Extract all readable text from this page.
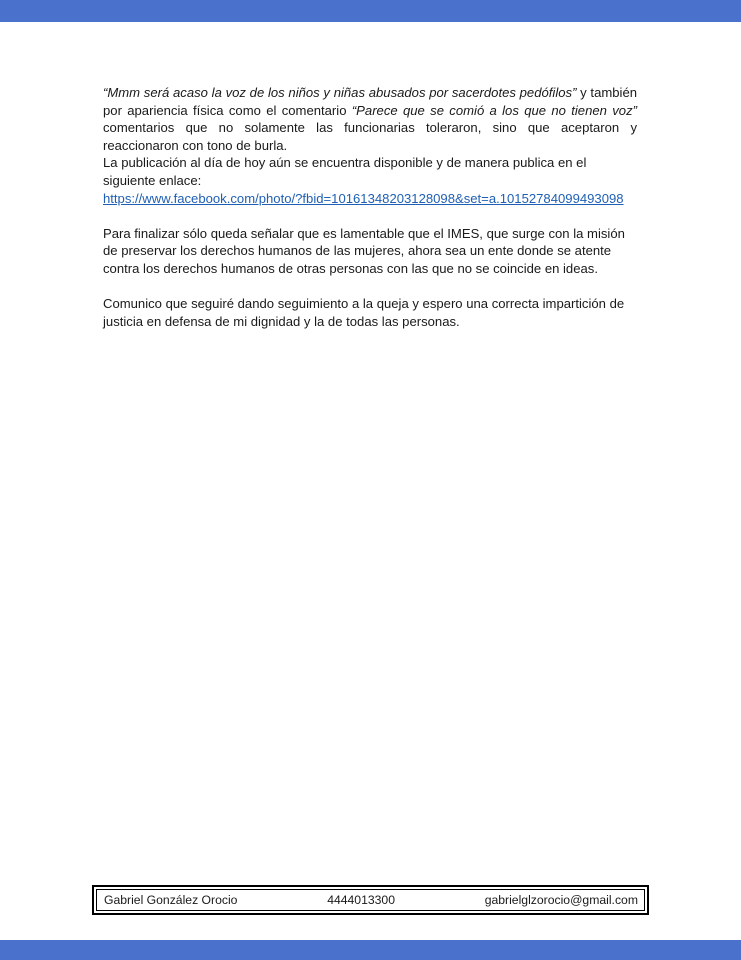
“Mmm será acaso la voz de los niños y niñas abusados por sacerdotes pedófilos” y también por apariencia física como el comentario “Parece que se comió a los que no tienen voz” comentarios que no solamente las funcionarias toleraron, sino que aceptaron y reaccionaron con tono de burla.

La publicación al día de hoy aún se encuentra disponible y de manera publica en el siguiente enlace:

https://www.facebook.com/photo/?fbid=10161348203128098&set=a.10152784099493098

Para finalizar sólo queda señalar que es lamentable que el IMES, que surge con la misión de preservar los derechos humanos de las mujeres, ahora sea un ente donde se atente contra los derechos humanos de otras personas con las que no se coincide en ideas.

Comunico que seguiré dando seguimiento a la queja y espero una correcta impartición de justicia en defensa de mi dignidad y la de todas las personas.

Gabriel González Orocio	4444013300	gabrielglzorocio@gmail.com
